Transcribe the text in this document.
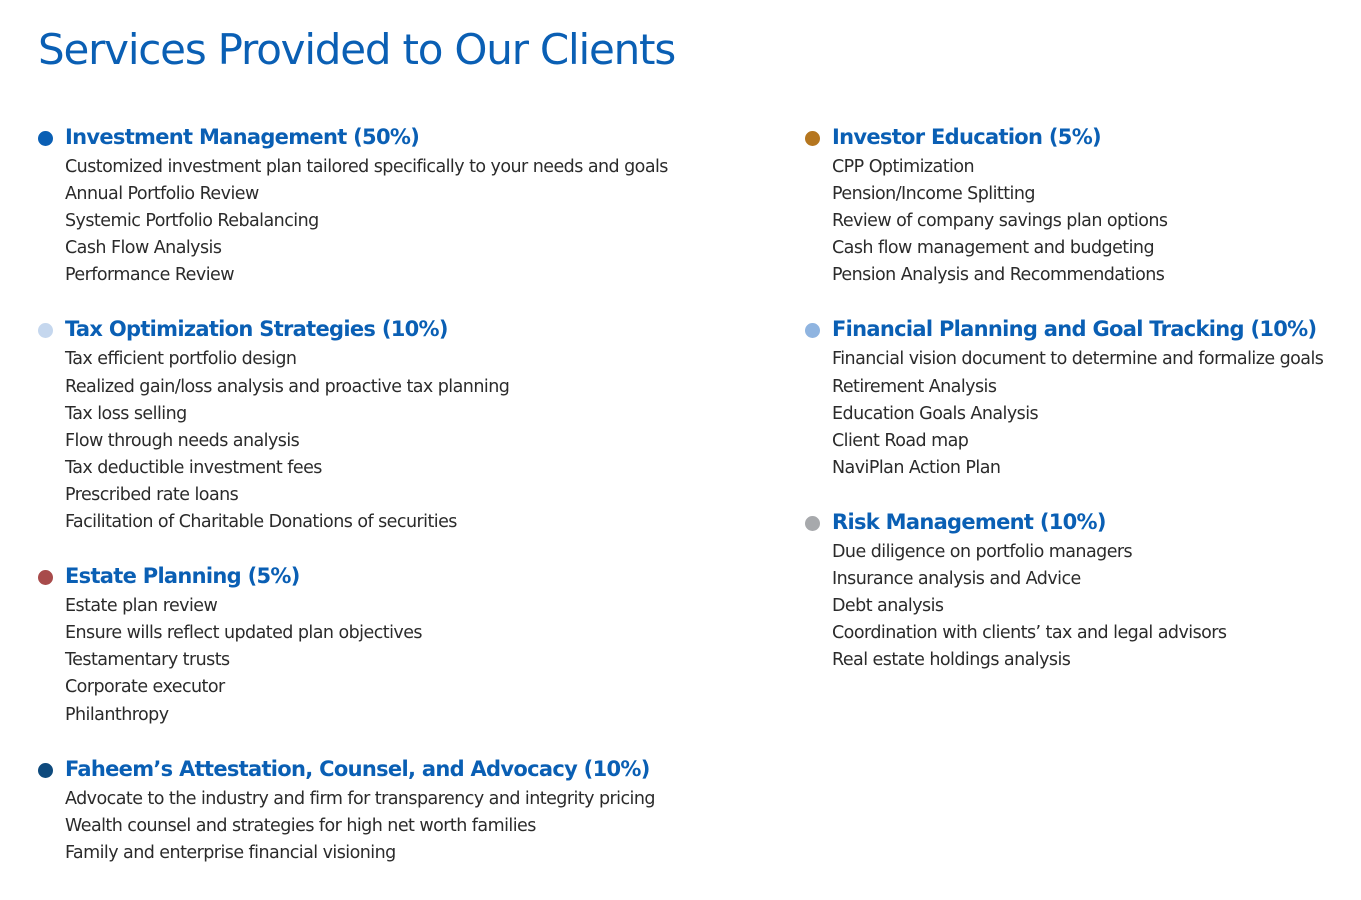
Services Provided to Our Clients
Investment Management (50%)
Customized investment plan tailored specifically to your needs and goals
Annual Portfolio Review
Systemic Portfolio Rebalancing
Cash Flow Analysis
Performance Review
Tax Optimization Strategies (10%)
Tax efficient portfolio design
Realized gain/loss analysis and proactive tax planning
Tax loss selling
Flow through needs analysis
Tax deductible investment fees
Prescribed rate loans
Facilitation of Charitable Donations of securities
Estate Planning (5%)
Estate plan review
Ensure wills reflect updated plan objectives
Testamentary trusts
Corporate executor
Philanthropy
Faheem’s Attestation, Counsel, and Advocacy (10%)
Advocate to the industry and firm for transparency and integrity pricing
Wealth counsel and strategies for high net worth families
Family and enterprise financial visioning
Investor Education (5%)
CPP Optimization
Pension/Income Splitting
Review of company savings plan options
Cash flow management and budgeting
Pension Analysis and Recommendations
Financial Planning and Goal Tracking (10%)
Financial vision document to determine and formalize goals
Retirement Analysis
Education Goals Analysis
Client Road map
NaviPlan Action Plan
Risk Management (10%)
Due diligence on portfolio managers
Insurance analysis and Advice
Debt analysis
Coordination with clients’ tax and legal advisors
Real estate holdings analysis
